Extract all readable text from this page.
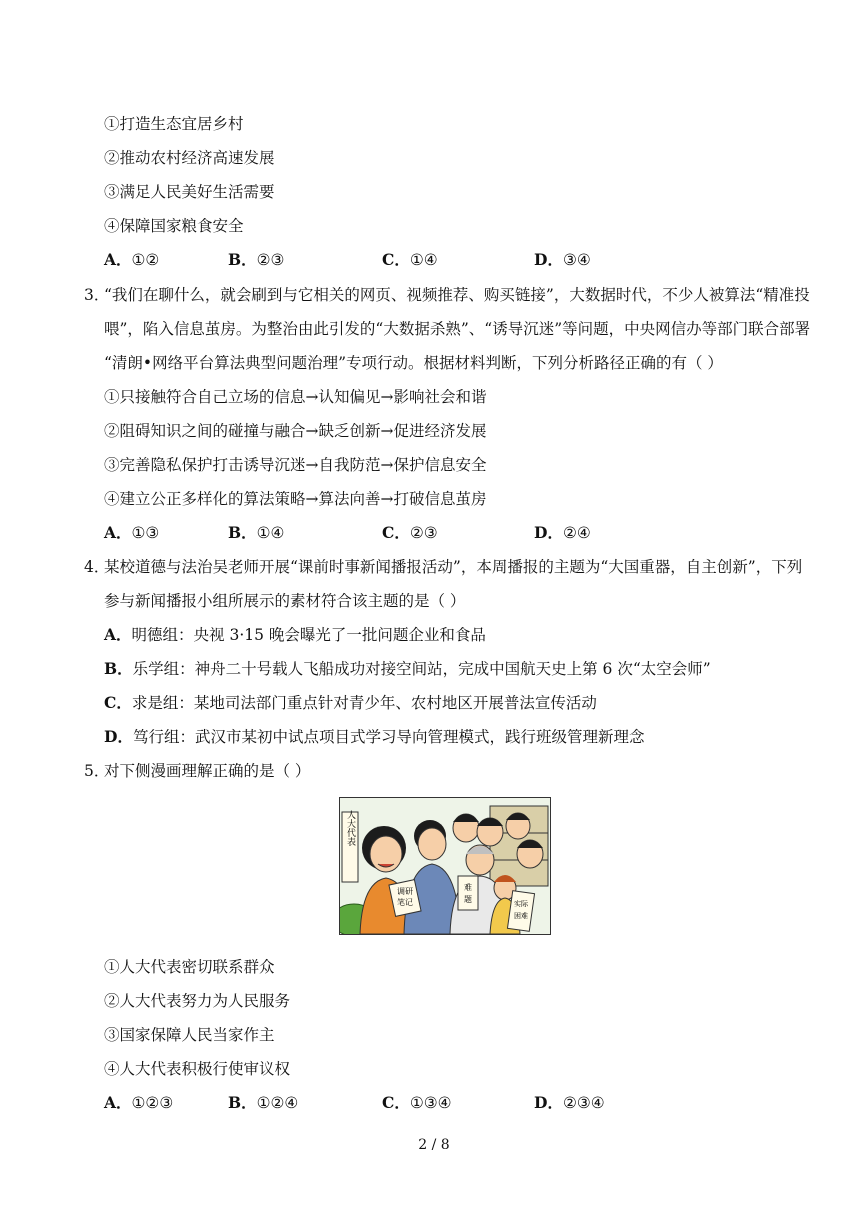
①打造生态宜居乡村
②推动农村经济高速发展
③满足人民美好生活需要
④保障国家粮食安全
A．①②	B．②③	C．①④	D．③④
3．“我们在聊什么，就会刷到与它相关的网页、视频推荐、购买链接”，大数据时代，不少人被算法“精准投
喂”，陷入信息茧房。为整治由此引发的“大数据杀熟”、“诱导沉迷”等问题，中央网信办等部门联合部署
“清朗•网络平台算法典型问题治理”专项行动。根据材料判断，下列分析路径正确的有（ ）
①只接触符合自己立场的信息→认知偏见→影响社会和谐
②阻碍知识之间的碰撞与融合→缺乏创新→促进经济发展
③完善隐私保护打击诱导沉迷→自我防范→保护信息安全
④建立公正多样化的算法策略→算法向善→打破信息茧房
A．①③	B．①④	C．②③	D．②④
4．某校道德与法治吴老师开展“课前时事新闻播报活动”，本周播报的主题为“大国重器，自主创新”，下列
参与新闻播报小组所展示的素材符合该主题的是（ ）
A．明德组：央视 3·15 晚会曝光了一批问题企业和食品
B．乐学组：神舟二十号载人飞船成功对接空间站，完成中国航天史上第 6 次“太空会师”
C．求是组：某地司法部门重点针对青少年、农村地区开展普法宣传活动
D．笃行组：武汉市某初中试点项目式学习导向管理模式，践行班级管理新理念
5．对下侧漫画理解正确的是（ ）
人大代表
调研
笔记
难
题	实际
困难
①人大代表密切联系群众
②人大代表努力为人民服务
③国家保障人民当家作主
④人大代表积极行使审议权
A．①②③	B．①②④	C．①③④	D．②③④
2 / 8
